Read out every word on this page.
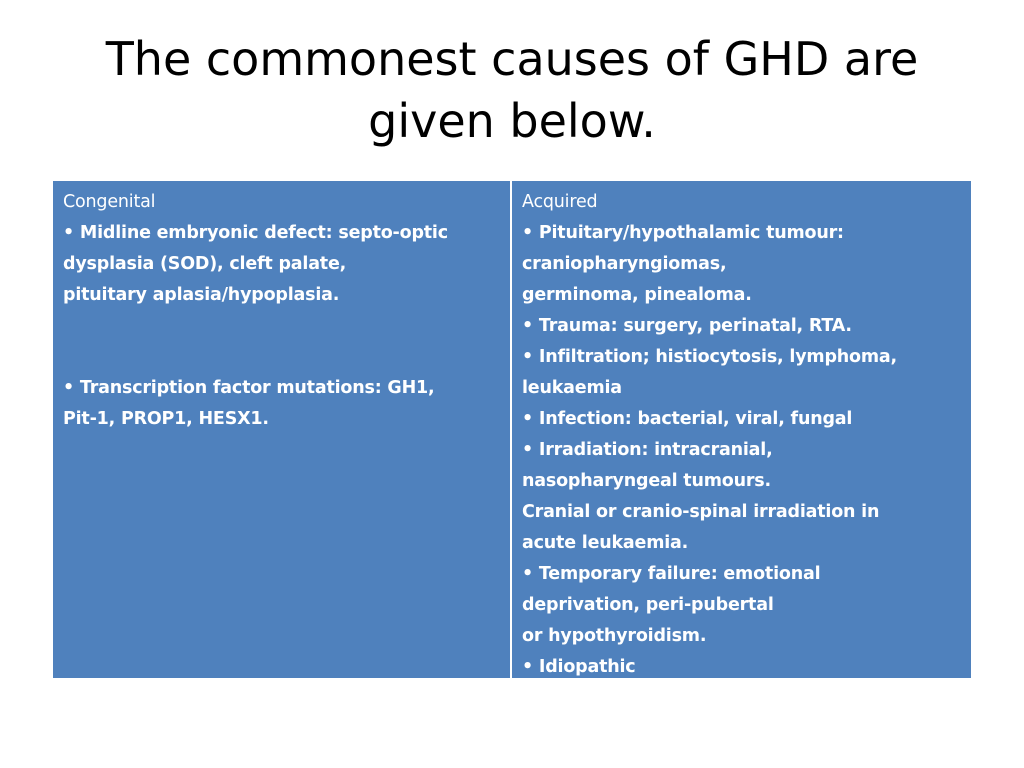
The commonest causes of GHD are
given below.
Congenital
• Midline embryonic defect: septo-optic
dysplasia (SOD), cleft palate,
pituitary aplasia/hypoplasia.
• Transcription factor mutations: GH1,
Pit-1, PROP1, HESX1.
Acquired
• Pituitary/hypothalamic tumour:
craniopharyngiomas,
germinoma, pinealoma.
• Trauma: surgery, perinatal, RTA.
• Infiltration; histiocytosis, lymphoma,
leukaemia
• Infection: bacterial, viral, fungal
• Irradiation: intracranial,
nasopharyngeal tumours.
Cranial or cranio-spinal irradiation in
acute leukaemia.
• Temporary failure: emotional
deprivation, peri-pubertal
or hypothyroidism.
• Idiopathic
